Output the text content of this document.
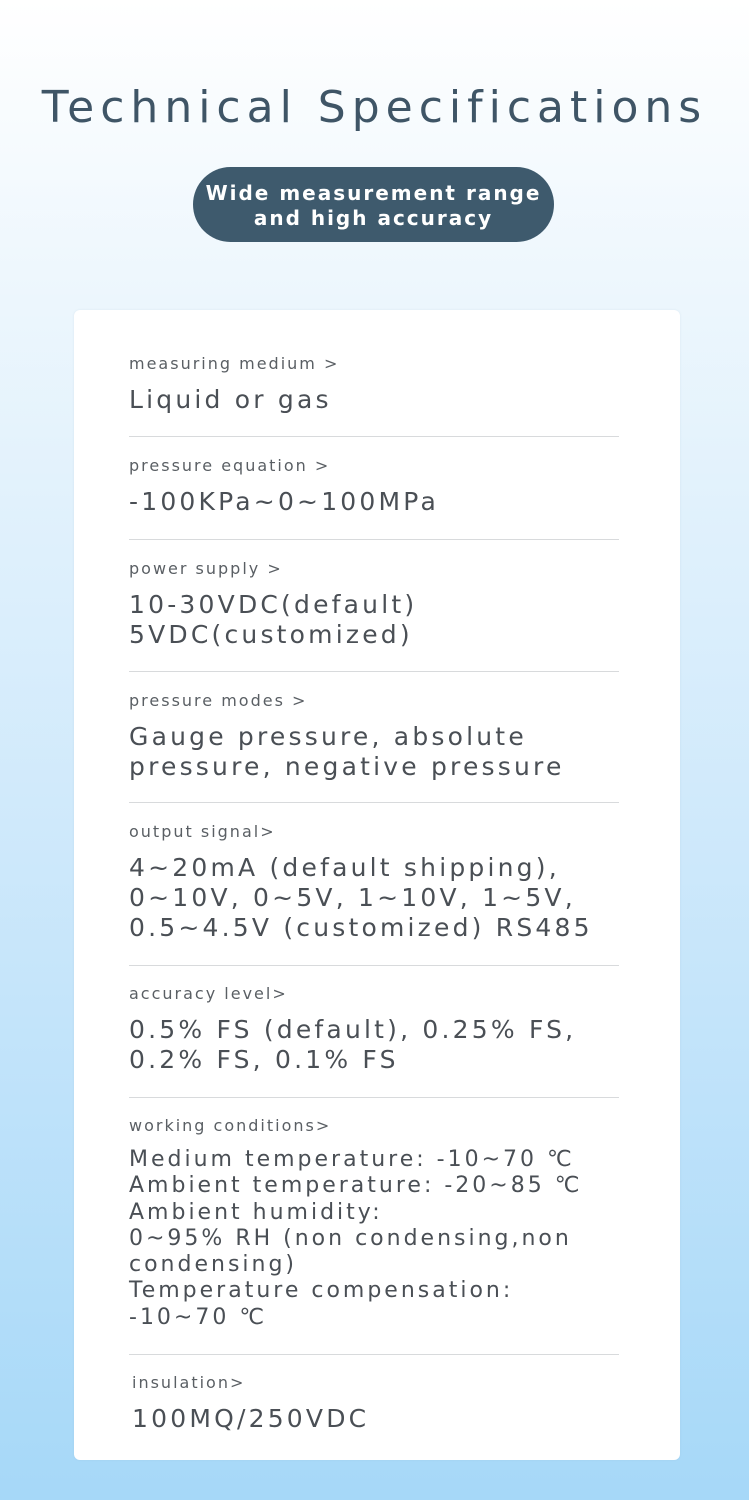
Technical Specifications
Wide measurement range
and high accuracy
measuring medium >
Liquid or gas
pressure equation >
-100KPa~0~100MPa
power supply >
10-30VDC(default)
5VDC(customized)
pressure modes >
Gauge pressure, absolute
pressure, negative pressure
output signal>
4~20mA (default shipping),
0~10V, 0~5V, 1~10V, 1~5V,
0.5~4.5V (customized) RS485
accuracy level>
0.5% FS (default), 0.25% FS,
0.2% FS, 0.1% FS
working conditions>
Medium temperature: -10~70 ℃
Ambient temperature: -20~85 ℃
Ambient humidity:
0~95% RH (non condensing,non
condensing)
Temperature compensation:
-10~70 ℃
insulation>
100MQ/250VDC
